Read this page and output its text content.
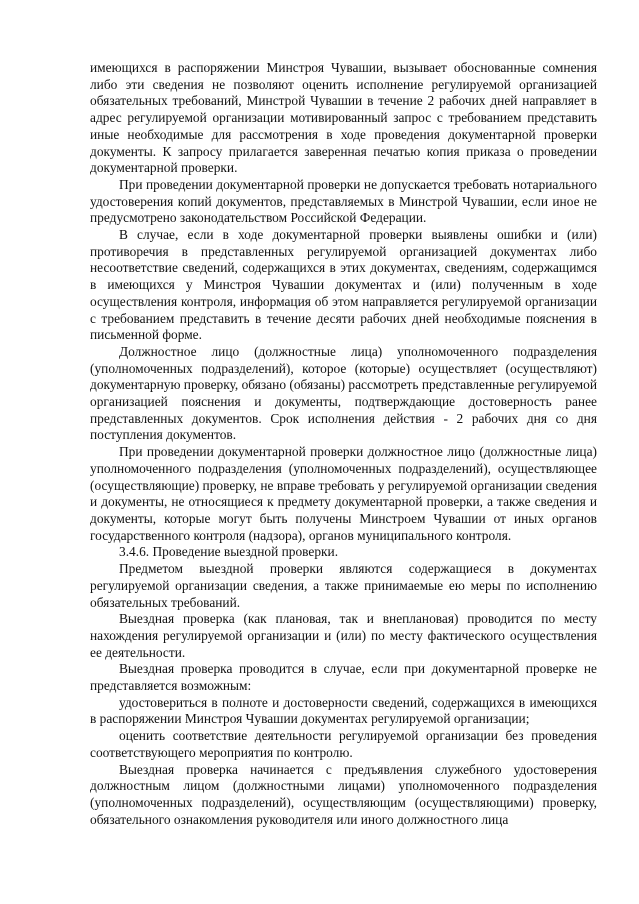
имеющихся в распоряжении Минстроя Чувашии, вызывает обоснованные сомнения либо эти сведения не позволяют оценить исполнение регулируемой организацией обязательных требований, Минстрой Чувашии в течение 2 рабочих дней направляет в адрес регулируемой организации мотивированный запрос с требованием представить иные необходимые для рассмотрения в ходе проведения документарной проверки документы. К запросу прилагается заверенная печатью копия приказа о проведении документарной проверки.

При проведении документарной проверки не допускается требовать нотариального удостоверения копий документов, представляемых в Минстрой Чувашии, если иное не предусмотрено законодательством Российской Федерации.

В случае, если в ходе документарной проверки выявлены ошибки и (или) противоречия в представленных регулируемой организацией документах либо несоответствие сведений, содержащихся в этих документах, сведениям, содержащимся в имеющихся у Минстроя Чувашии документах и (или) полученным в ходе осуществления контроля, информация об этом направляется регулируемой организации с требованием представить в течение десяти рабочих дней необходимые пояснения в письменной форме.

Должностное лицо (должностные лица) уполномоченного подразделения (уполномоченных подразделений), которое (которые) осуществляет (осуществляют) документарную проверку, обязано (обязаны) рассмотреть представленные регулируемой организацией пояснения и документы, подтверждающие достоверность ранее представленных документов. Срок исполнения действия - 2 рабочих дня со дня поступления документов.

При проведении документарной проверки должностное лицо (должностные лица) уполномоченного подразделения (уполномоченных подразделений), осуществляющее (осуществляющие) проверку, не вправе требовать у регулируемой организации сведения и документы, не относящиеся к предмету документарной проверки, а также сведения и документы, которые могут быть получены Минстроем Чувашии от иных органов государственного контроля (надзора), органов муниципального контроля.

3.4.6. Проведение выездной проверки.

Предметом выездной проверки являются содержащиеся в документах регулируемой организации сведения, а также принимаемые ею меры по исполнению обязательных требований.

Выездная проверка (как плановая, так и внеплановая) проводится по месту нахождения регулируемой организации и (или) по месту фактического осуществления ее деятельности.

Выездная проверка проводится в случае, если при документарной проверке не представляется возможным:

удостовериться в полноте и достоверности сведений, содержащихся в имеющихся в распоряжении Минстроя Чувашии документах регулируемой организации;

оценить соответствие деятельности регулируемой организации без проведения соответствующего мероприятия по контролю.

Выездная проверка начинается с предъявления служебного удостоверения должностным лицом (должностными лицами) уполномоченного подразделения (уполномоченных подразделений), осуществляющим (осуществляющими) проверку, обязательного ознакомления руководителя или иного должностного лица
